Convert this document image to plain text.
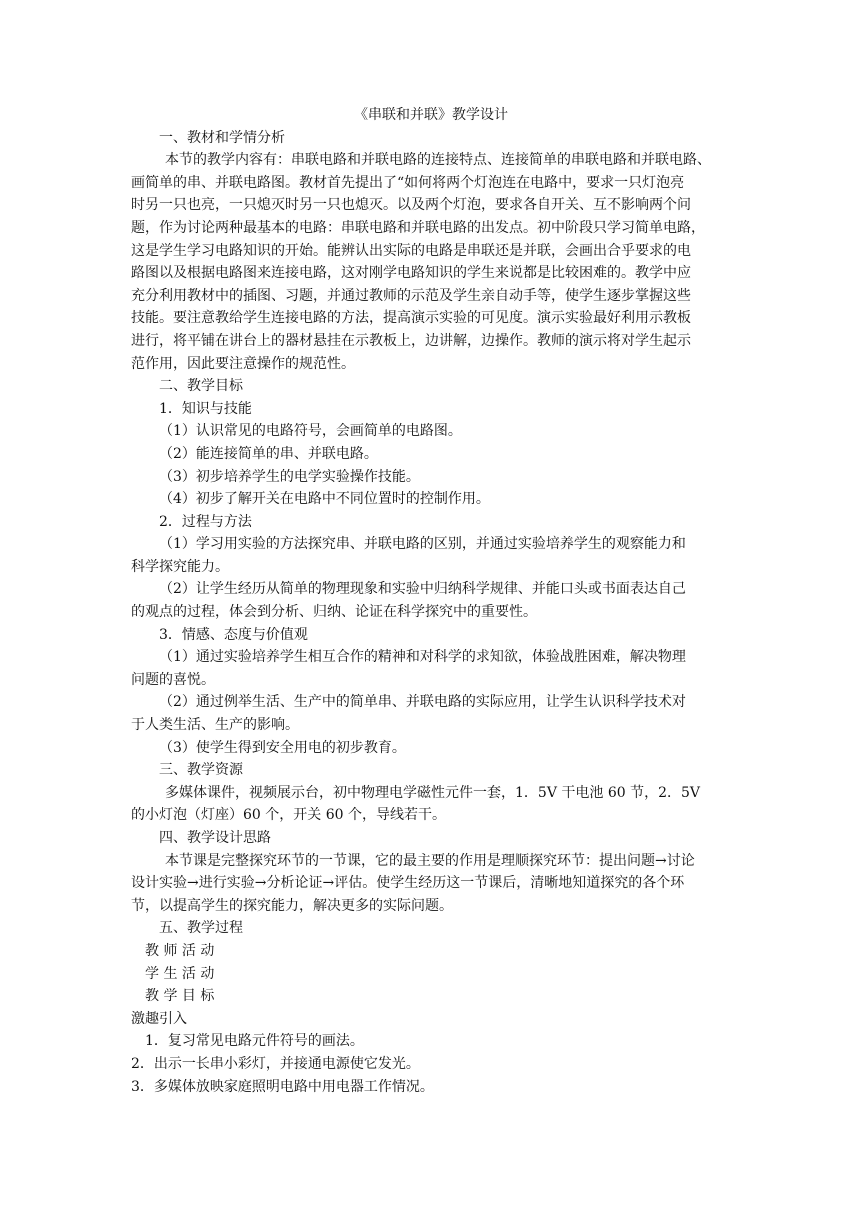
《串联和并联》教学设计
一、教材和学情分析
本节的教学内容有：串联电路和并联电路的连接特点、连接简单的串联电路和并联电路、
画简单的串、并联电路图。教材首先提出了“如何将两个灯泡连在电路中，要求一只灯泡亮
时另一只也亮，一只熄灭时另一只也熄灭。以及两个灯泡，要求各自开关、互不影响两个问
题，作为讨论两种最基本的电路：串联电路和并联电路的出发点。初中阶段只学习简单电路，
这是学生学习电路知识的开始。能辨认出实际的电路是串联还是并联，会画出合乎要求的电
路图以及根据电路图来连接电路，这对刚学电路知识的学生来说都是比较困难的。教学中应
充分利用教材中的插图、习题，并通过教师的示范及学生亲自动手等，使学生逐步掌握这些
技能。要注意教给学生连接电路的方法，提高演示实验的可见度。演示实验最好利用示教板
进行，将平铺在讲台上的器材悬挂在示教板上，边讲解，边操作。教师的演示将对学生起示
范作用，因此要注意操作的规范性。
二、教学目标
1．知识与技能
（1）认识常见的电路符号，会画简单的电路图。
（2）能连接简单的串、并联电路。
（3）初步培养学生的电学实验操作技能。
（4）初步了解开关在电路中不同位置时的控制作用。
2．过程与方法
（1）学习用实验的方法探究串、并联电路的区别，并通过实验培养学生的观察能力和
科学探究能力。
（2）让学生经历从简单的物理现象和实验中归纳科学规律、并能口头或书面表达自己
的观点的过程，体会到分析、归纳、论证在科学探究中的重要性。
3．情感、态度与价值观
（1）通过实验培养学生相互合作的精神和对科学的求知欲，体验战胜困难，解决物理
问题的喜悦。
（2）通过例举生活、生产中的简单串、并联电路的实际应用，让学生认识科学技术对
于人类生活、生产的影响。
（3）使学生得到安全用电的初步教育。
三、教学资源
多媒体课件，视频展示台，初中物理电学磁性元件一套，1．5V 干电池 60 节，2．5V
的小灯泡（灯座）60 个，开关 60 个，导线若干。
四、教学设计思路
本节课是完整探究环节的一节课，它的最主要的作用是理顺探究环节：提出问题→讨论
设计实验→进行实验→分析论证→评估。使学生经历这一节课后，清晰地知道探究的各个环
节，以提高学生的探究能力，解决更多的实际问题。
五、教学过程
教 师 活 动
学 生 活 动
教 学 目 标
激趣引入
1．复习常见电路元件符号的画法。
2．出示一长串小彩灯，并接通电源使它发光。
3．多媒体放映家庭照明电路中用电器工作情况。
